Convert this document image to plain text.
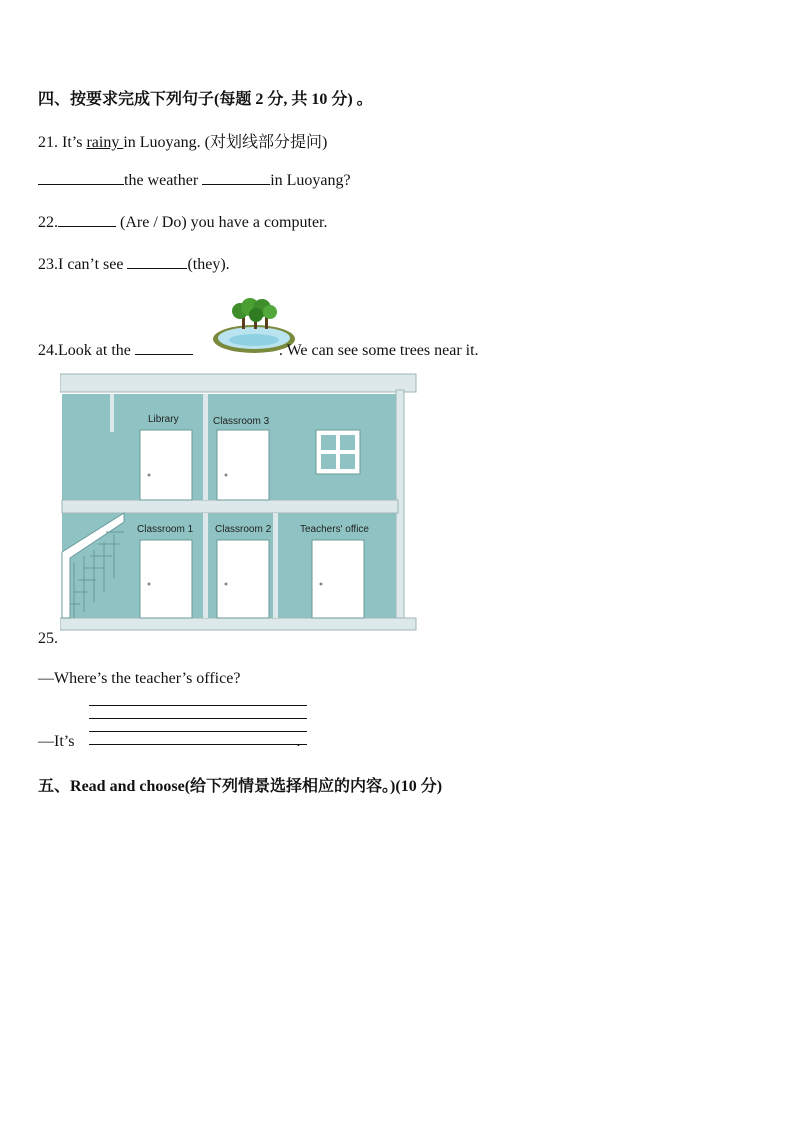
四、按要求完成下列句子(每题 2 分, 共 10 分) 。
21. It’s rainy in Luoyang. (对划线部分提问)
the weather	in Luoyang?
22.	(Are / Do) you have a computer.
23.I can’t see	(they).
24.Look at the	. We can see some trees near it.
Library	Classroom 3
Classroom 1 Classroom 2	Teachers' office
25.
—Where’s the teacher’s office?
—It’s	.
五、Read and choose(给下列情景选择相应的内容。)(10 分)
